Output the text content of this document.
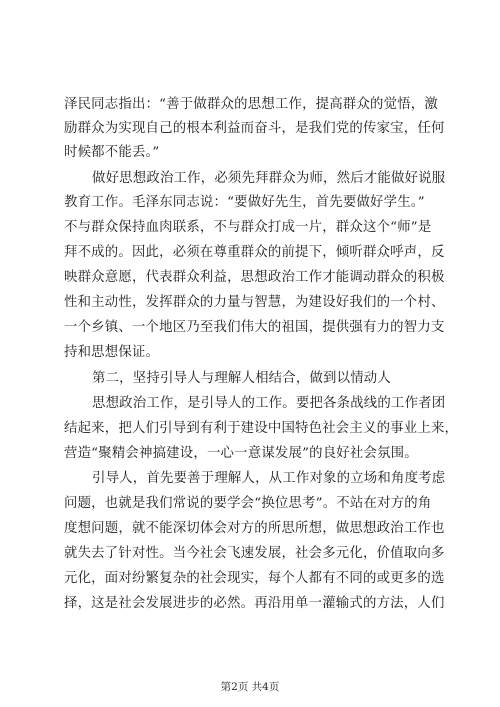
泽民同志指出：“善于做群众的思想工作，提高群众的觉悟，激
励群众为实现自己的根本利益而奋斗，是我们党的传家宝，任何
时候都不能丢。”
做好思想政治工作，必须先拜群众为师，然后才能做好说服
教育工作。毛泽东同志说：“要做好先生，首先要做好学生。”
不与群众保持血肉联系，不与群众打成一片，群众这个“师”是
拜不成的。因此，必须在尊重群众的前提下，倾听群众呼声，反
映群众意愿，代表群众利益，思想政治工作才能调动群众的积极
性和主动性，发挥群众的力量与智慧，为建设好我们的一个村、
一个乡镇、一个地区乃至我们伟大的祖国，提供强有力的智力支
持和思想保证。
第二，坚持引导人与理解人相结合，做到以情动人
思想政治工作，是引导人的工作。要把各条战线的工作者团
结起来，把人们引导到有利于建设中国特色社会主义的事业上来，
营造“聚精会神搞建设，一心一意谋发展”的良好社会氛围。
引导人，首先要善于理解人，从工作对象的立场和角度考虑
问题，也就是我们常说的要学会“换位思考”。不站在对方的角
度想问题，就不能深切体会对方的所思所想，做思想政治工作也
就失去了针对性。当今社会飞速发展，社会多元化，价值取向多
元化，面对纷繁复杂的社会现实，每个人都有不同的或更多的选
择，这是社会发展进步的必然。再沿用单一灌输式的方法，人们
第2页 共4页
